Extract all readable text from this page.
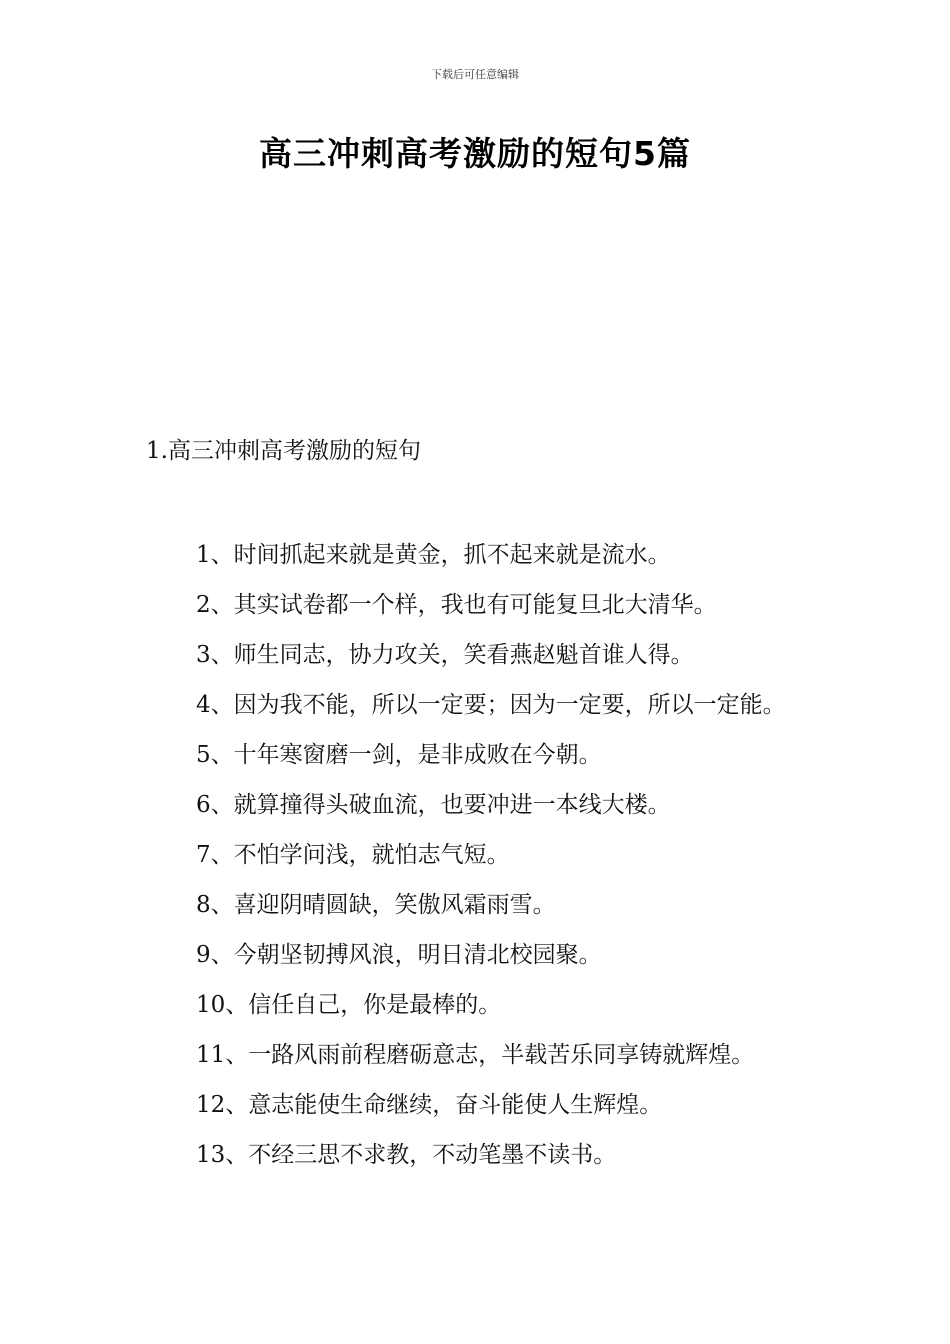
下载后可任意编辑
高三冲刺高考激励的短句5篇
1.高三冲刺高考激励的短句

1、时间抓起来就是黄金，抓不起来就是流水。

2、其实试卷都一个样，我也有可能复旦北大清华。

3、师生同志，协力攻关，笑看燕赵魁首谁人得。

4、因为我不能，所以一定要；因为一定要，所以一定能。

5、十年寒窗磨一剑，是非成败在今朝。

6、就算撞得头破血流，也要冲进一本线大楼。

7、不怕学问浅，就怕志气短。

8、喜迎阴晴圆缺，笑傲风霜雨雪。

9、今朝坚韧搏风浪，明日清北校园聚。

10、信任自己，你是最棒的。

11、一路风雨前程磨砺意志，半载苦乐同享铸就辉煌。

12、意志能使生命继续，奋斗能使人生辉煌。

13、不经三思不求教，不动笔墨不读书。
